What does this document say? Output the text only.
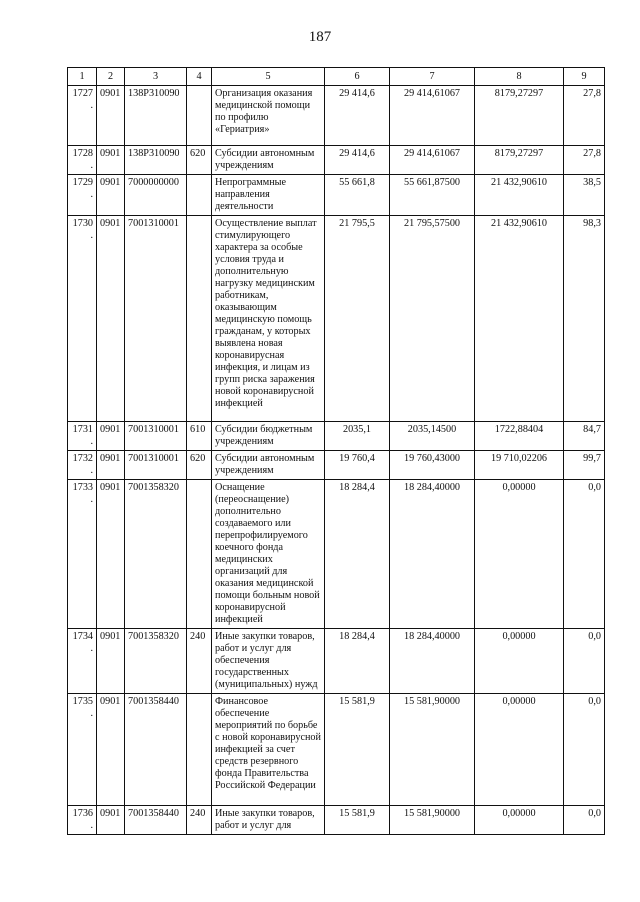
187
1	2	3	4	5	6	7	8	9
1727.	0901	138P310090		Организация оказания медицинской помощи по профилю «Гериатрия»	29 414,6	29 414,61067	8179,27297	27,8
1728.	0901	138P310090	620	Субсидии автономным учреждениям	29 414,6	29 414,61067	8179,27297	27,8
1729.	0901	7000000000		Непрограммные направления деятельности	55 661,8	55 661,87500	21 432,90610	38,5
1730.	0901	7001310001		Осуществление выплат стимулирующего характера за особые условия труда и дополнительную нагрузку медицинским работникам, оказывающим медицинскую помощь гражданам, у которых выявлена новая коронавирусная инфекция, и лицам из групп риска заражения новой коронавирусной инфекцией	21 795,5	21 795,57500	21 432,90610	98,3
1731.	0901	7001310001	610	Субсидии бюджетным учреждениям	2035,1	2035,14500	1722,88404	84,7
1732.	0901	7001310001	620	Субсидии автономным учреждениям	19 760,4	19 760,43000	19 710,02206	99,7
1733.	0901	7001358320		Оснащение (переоснащение) дополнительно создаваемого или перепрофилируемого коечного фонда медицинских организаций для оказания медицинской помощи больным новой коронавирусной инфекцией	18 284,4	18 284,40000	0,00000	0,0
1734.	0901	7001358320	240	Иные закупки товаров, работ и услуг для обеспечения государственных (муниципальных) нужд	18 284,4	18 284,40000	0,00000	0,0
1735.	0901	7001358440		Финансовое обеспечение мероприятий по борьбе с новой коронавирусной инфекцией за счет средств резервного фонда Правительства Российской Федерации	15 581,9	15 581,90000	0,00000	0,0
1736.	0901	7001358440	240	Иные закупки товаров, работ и услуг для	15 581,9	15 581,90000	0,00000	0,0
